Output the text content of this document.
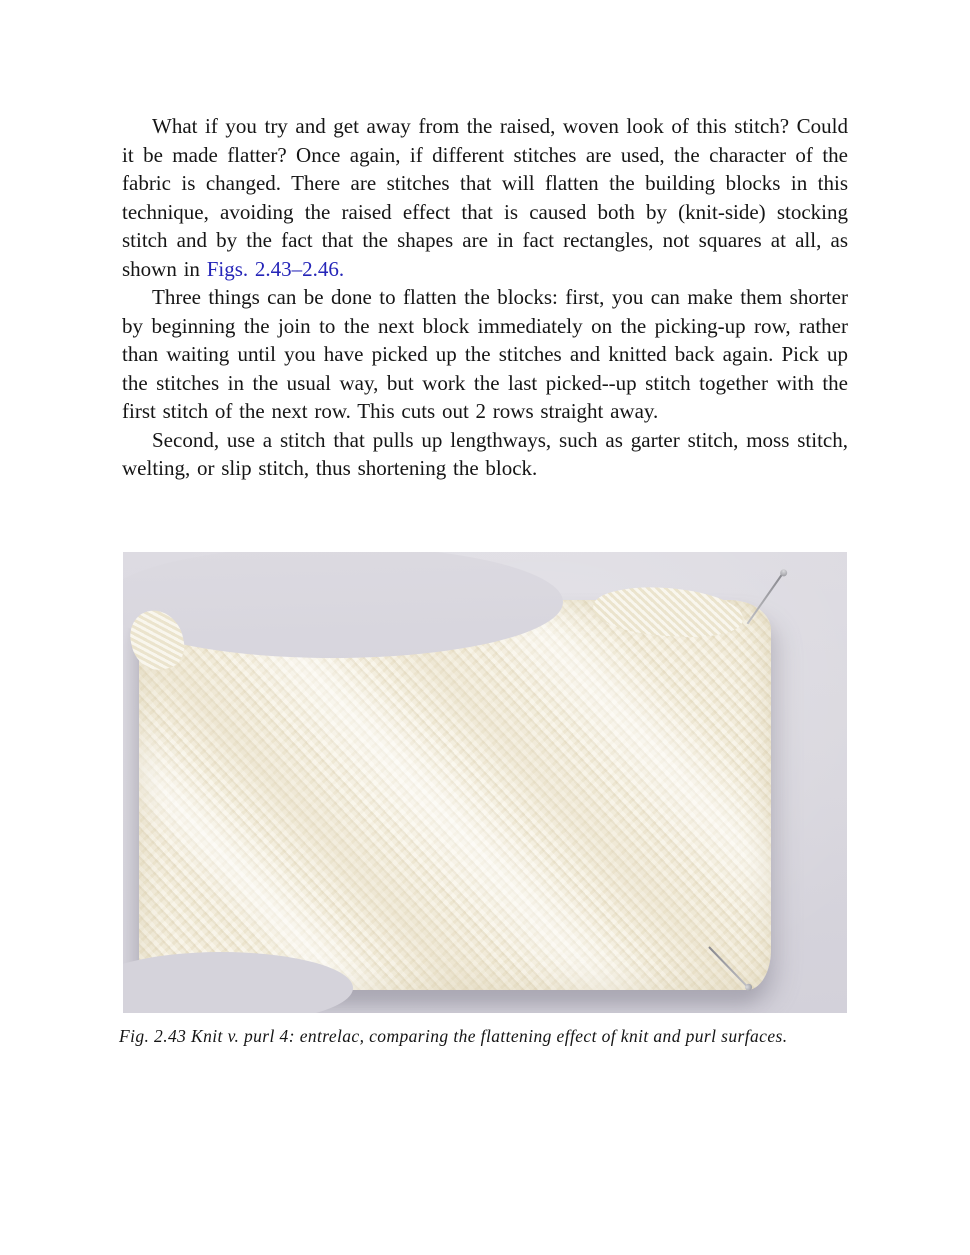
What if you try and get away from the raised, woven look of this stitch? Could it be made flatter? Once again, if different stitches are used, the character of the fabric is changed. There are stitches that will flatten the building blocks in this technique, avoiding the raised effect that is caused both by (knit-side) stocking stitch and by the fact that the shapes are in fact rectangles, not squares at all, as shown in Figs. 2.43–2.46.

Three things can be done to flatten the blocks: first, you can make them shorter by beginning the join to the next block immediately on the picking-up row, rather than waiting until you have picked up the stitches and knitted back again. Pick up the stitches in the usual way, but work the last picked--up stitch together with the first stitch of the next row. This cuts out 2 rows straight away.

Second, use a stitch that pulls up lengthways, such as garter stitch, moss stitch, welting, or slip stitch, thus shortening the block.

Fig. 2.43 Knit v. purl 4: entrelac, comparing the flattening effect of knit and purl surfaces.
